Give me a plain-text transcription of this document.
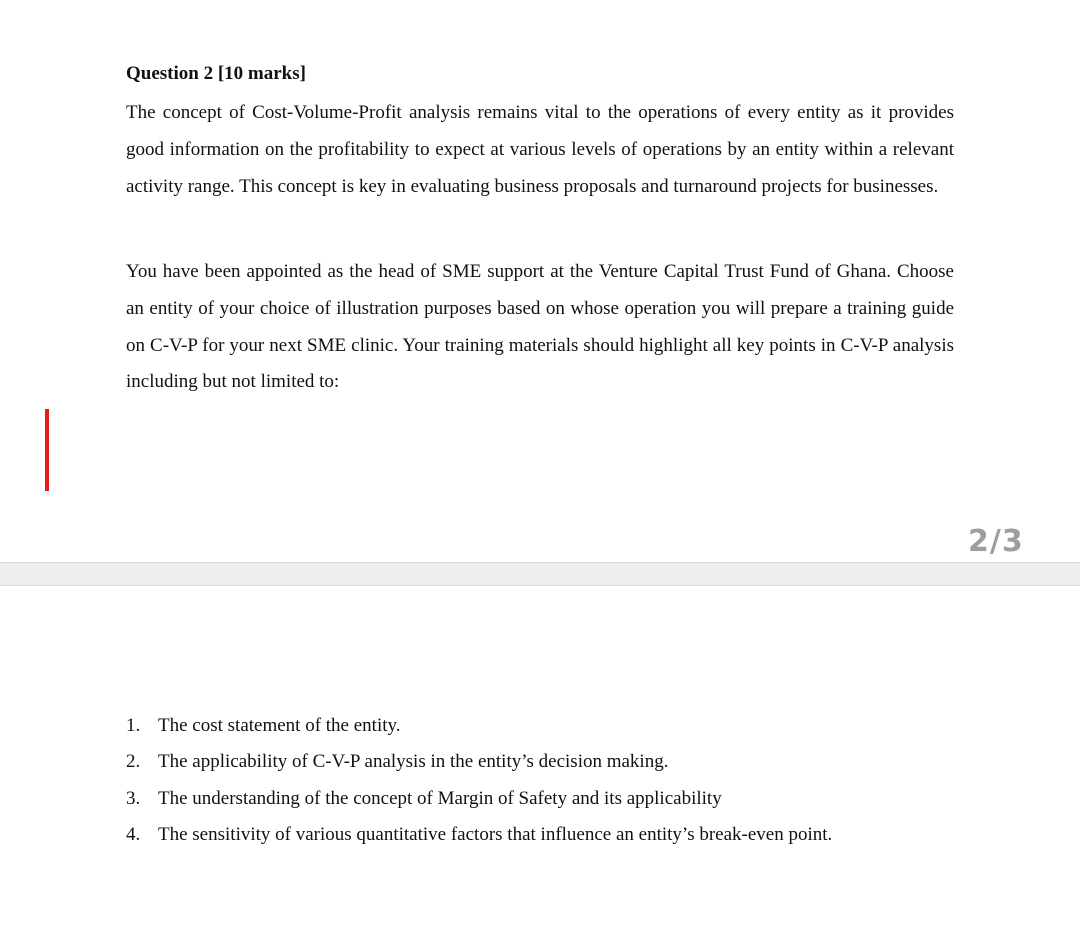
Question 2 [10 marks]

The concept of Cost-Volume-Profit analysis remains vital to the operations of every entity as it provides good information on the profitability to expect at various levels of operations by an entity within a relevant activity range. This concept is key in evaluating business proposals and turnaround projects for businesses.

You have been appointed as the head of SME support at the Venture Capital Trust Fund of Ghana. Choose an entity of your choice of illustration purposes based on whose operation you will prepare a training guide on C-V-P for your next SME clinic. Your training materials should highlight all key points in C-V-P analysis including but not limited to:

2/3
1. The cost statement of the entity.
2. The applicability of C-V-P analysis in the entity’s decision making.
3. The understanding of the concept of Margin of Safety and its applicability
4. The sensitivity of various quantitative factors that influence an entity’s break-even point.
